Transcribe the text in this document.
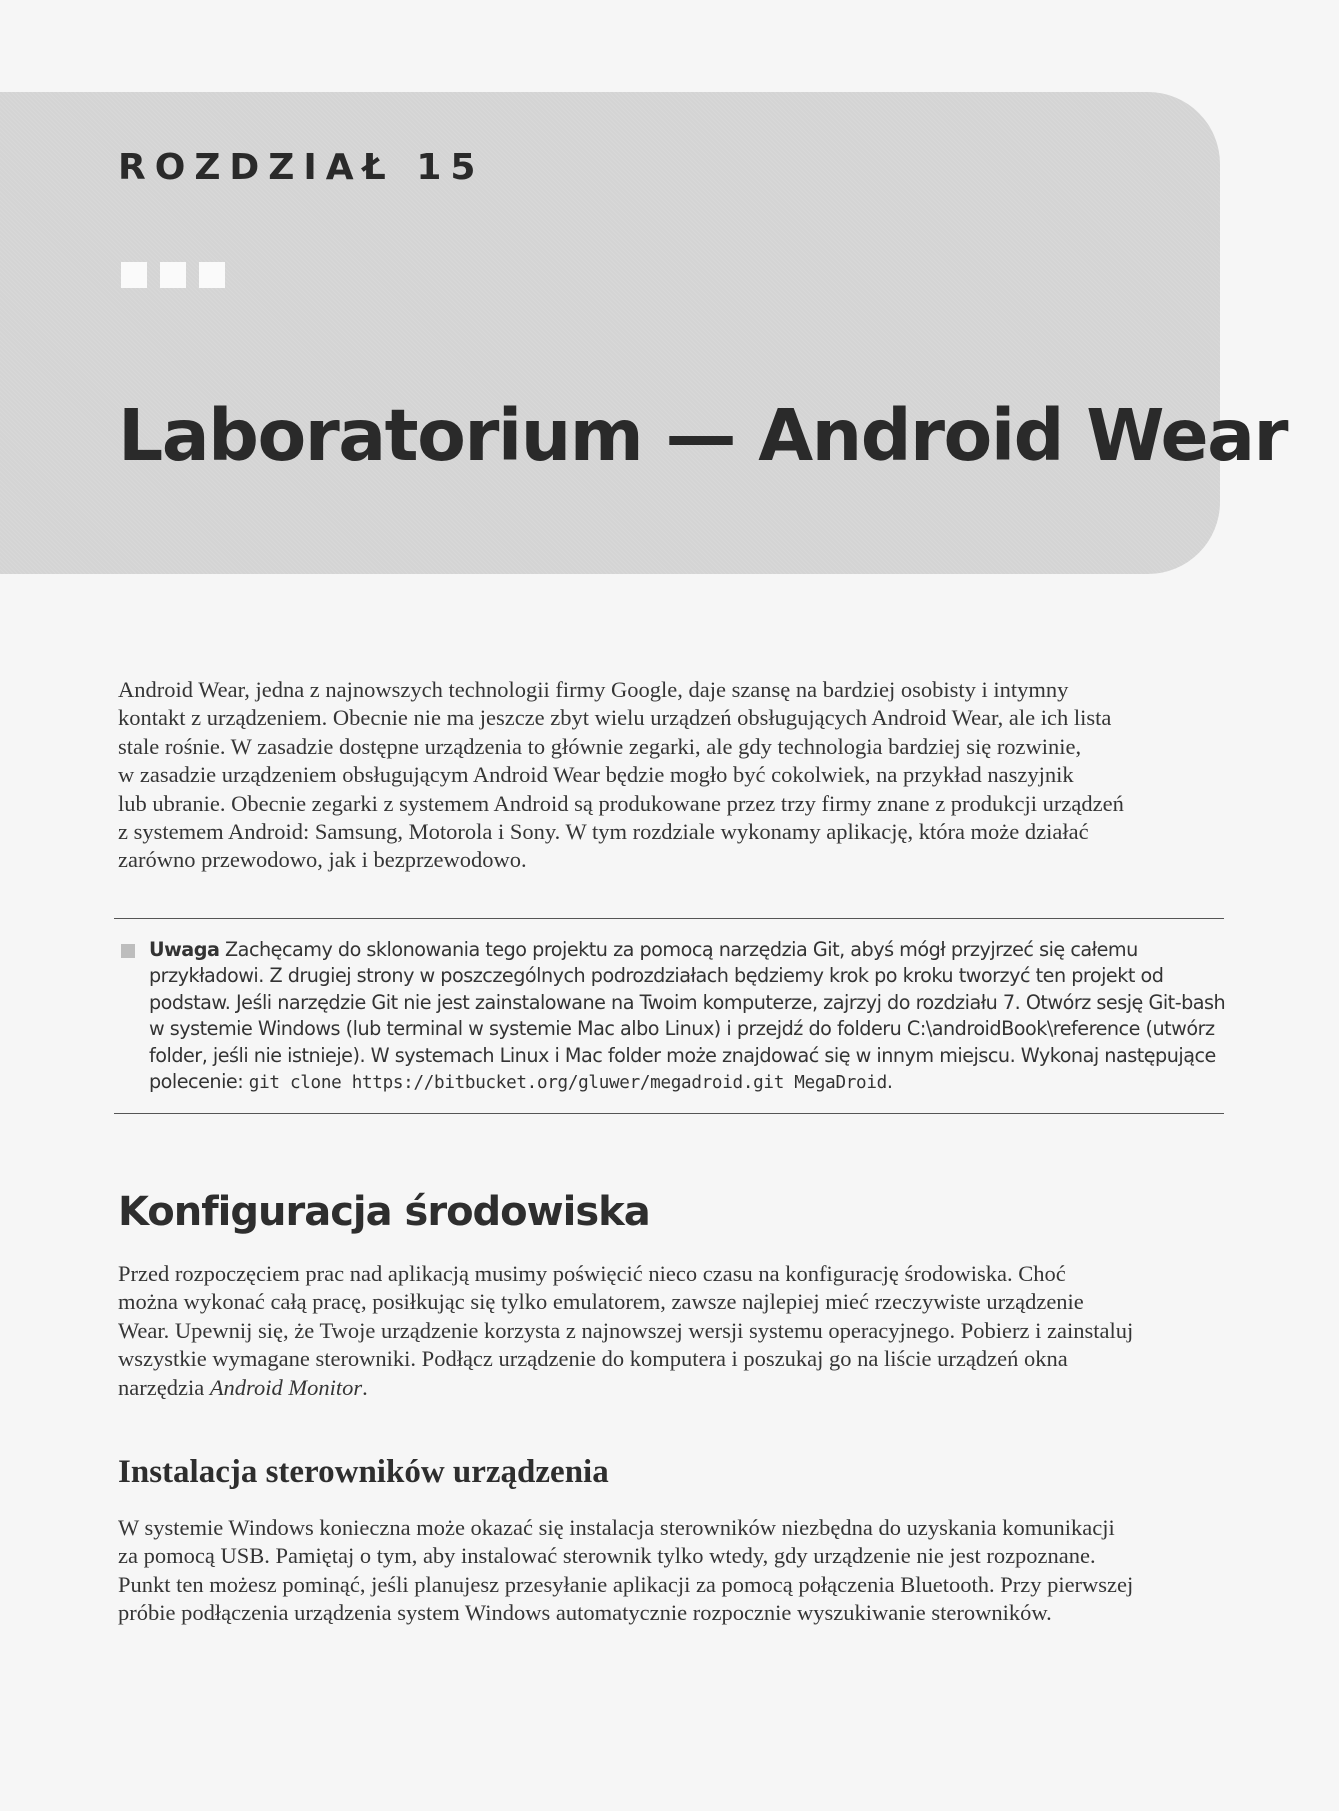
ROZDZIAŁ 15
Laboratorium — Android Wear

Android Wear, jedna z najnowszych technologii firmy Google, daje szansę na bardziej osobisty i intymny
kontakt z urządzeniem. Obecnie nie ma jeszcze zbyt wielu urządzeń obsługujących Android Wear, ale ich lista
stale rośnie. W zasadzie dostępne urządzenia to głównie zegarki, ale gdy technologia bardziej się rozwinie,
w zasadzie urządzeniem obsługującym Android Wear będzie mogło być cokolwiek, na przykład naszyjnik
lub ubranie. Obecnie zegarki z systemem Android są produkowane przez trzy firmy znane z produkcji urządzeń
z systemem Android: Samsung, Motorola i Sony. W tym rozdziale wykonamy aplikację, która może działać
zarówno przewodowo, jak i bezprzewodowo.

Uwaga Zachęcamy do sklonowania tego projektu za pomocą narzędzia Git, abyś mógł przyjrzeć się całemu
przykładowi. Z drugiej strony w poszczególnych podrozdziałach będziemy krok po kroku tworzyć ten projekt od
podstaw. Jeśli narzędzie Git nie jest zainstalowane na Twoim komputerze, zajrzyj do rozdziału 7. Otwórz sesję Git-bash
w systemie Windows (lub terminal w systemie Mac albo Linux) i przejdź do folderu C:\androidBook\reference (utwórz
folder, jeśli nie istnieje). W systemach Linux i Mac folder może znajdować się w innym miejscu. Wykonaj następujące
polecenie: git clone https://bitbucket.org/gluwer/megadroid.git MegaDroid.

Konfiguracja środowiska

Przed rozpoczęciem prac nad aplikacją musimy poświęcić nieco czasu na konfigurację środowiska. Choć
można wykonać całą pracę, posiłkując się tylko emulatorem, zawsze najlepiej mieć rzeczywiste urządzenie
Wear. Upewnij się, że Twoje urządzenie korzysta z najnowszej wersji systemu operacyjnego. Pobierz i zainstaluj
wszystkie wymagane sterowniki. Podłącz urządzenie do komputera i poszukaj go na liście urządzeń okna
narzędzia Android Monitor.

Instalacja sterowników urządzenia

W systemie Windows konieczna może okazać się instalacja sterowników niezbędna do uzyskania komunikacji
za pomocą USB. Pamiętaj o tym, aby instalować sterownik tylko wtedy, gdy urządzenie nie jest rozpoznane.
Punkt ten możesz pominąć, jeśli planujesz przesyłanie aplikacji za pomocą połączenia Bluetooth. Przy pierwszej
próbie podłączenia urządzenia system Windows automatycznie rozpocznie wyszukiwanie sterowników.
